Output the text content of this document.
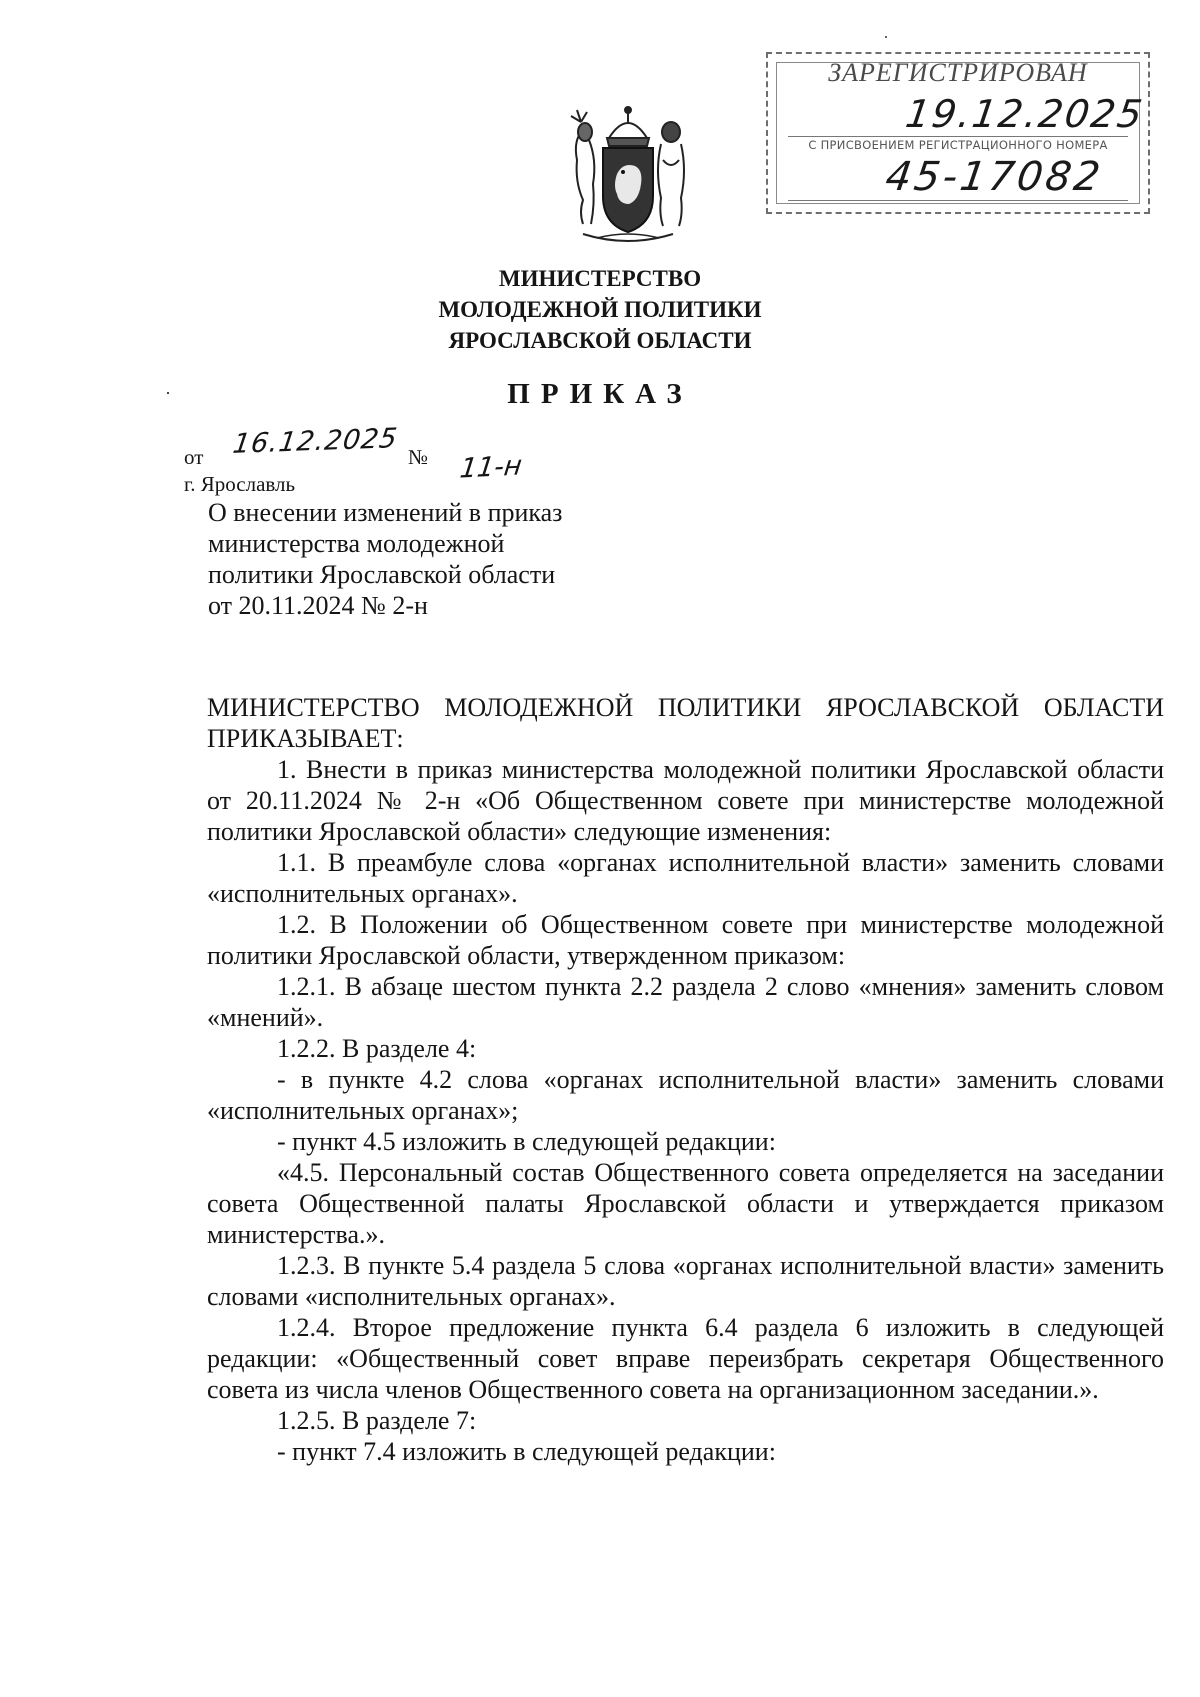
ЗАРЕГИСТРИРОВАН
19.12.2025
С ПРИСВОЕНИЕМ РЕГИСТРАЦИОННОГО НОМЕРА
45-17082
МИНИСТЕРСТВО
МОЛОДЕЖНОЙ ПОЛИТИКИ
ЯРОСЛАВСКОЙ ОБЛАСТИ
ПРИКАЗ
от 16.12.2025 № 11-н
г. Ярославль
О внесении изменений в приказ
министерства молодежной
политики Ярославской области
от 20.11.2024 № 2-н

МИНИСТЕРСТВО МОЛОДЕЖНОЙ ПОЛИТИКИ ЯРОСЛАВСКОЙ ОБЛАСТИ ПРИКАЗЫВАЕТ:

1. Внести в приказ министерства молодежной политики Ярославской области от 20.11.2024 № 2-н «Об Общественном совете при министерстве молодежной политики Ярославской области» следующие изменения:

1.1. В преамбуле слова «органах исполнительной власти» заменить словами «исполнительных органах».

1.2. В Положении об Общественном совете при министерстве молодежной политики Ярославской области, утвержденном приказом:

1.2.1. В абзаце шестом пункта 2.2 раздела 2 слово «мнения» заменить словом «мнений».

1.2.2. В разделе 4:

- в пункте 4.2 слова «органах исполнительной власти» заменить словами «исполнительных органах»;

- пункт 4.5 изложить в следующей редакции:

«4.5. Персональный состав Общественного совета определяется на заседании совета Общественной палаты Ярославской области и утверждается приказом министерства.».

1.2.3. В пункте 5.4 раздела 5 слова «органах исполнительной власти» заменить словами «исполнительных органах».

1.2.4. Второе предложение пункта 6.4 раздела 6 изложить в следующей редакции: «Общественный совет вправе переизбрать секретаря Общественного совета из числа членов Общественного совета на организационном заседании.».

1.2.5. В разделе 7:

- пункт 7.4 изложить в следующей редакции:
